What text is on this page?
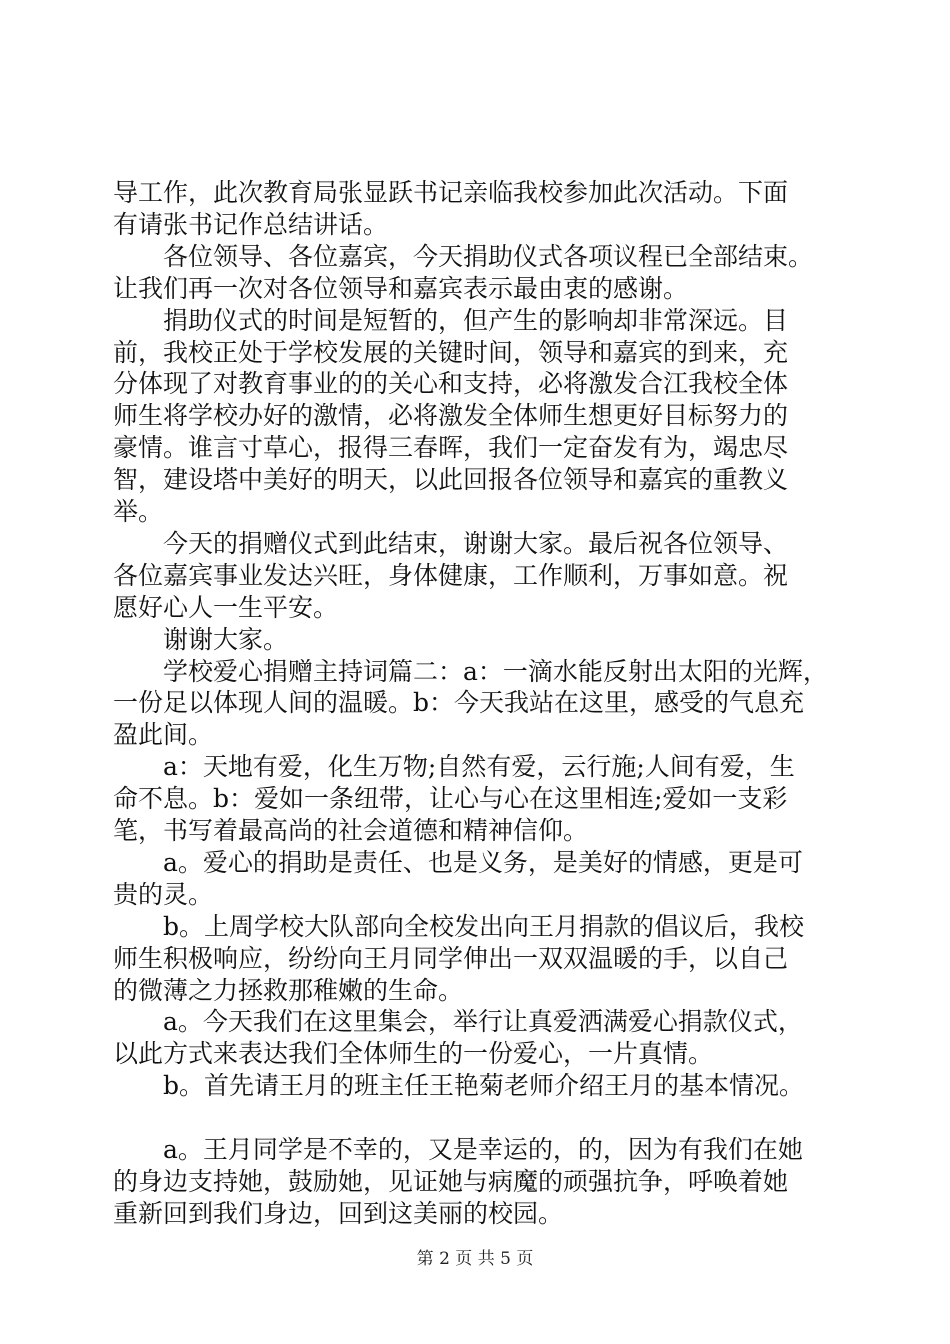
导工作，此次教育局张显跃书记亲临我校参加此次活动。下面
有请张书记作总结讲话。
　　各位领导、各位嘉宾，今天捐助仪式各项议程已全部结束。
让我们再一次对各位领导和嘉宾表示最由衷的感谢。
　　捐助仪式的时间是短暂的，但产生的影响却非常深远。目
前，我校正处于学校发展的关键时间，领导和嘉宾的到来，充
分体现了对教育事业的的关心和支持，必将激发合江我校全体
师生将学校办好的激情，必将激发全体师生想更好目标努力的
豪情。谁言寸草心，报得三春晖，我们一定奋发有为，竭忠尽
智，建设塔中美好的明天，以此回报各位领导和嘉宾的重教义
举。
　　今天的捐赠仪式到此结束，谢谢大家。最后祝各位领导、
各位嘉宾事业发达兴旺，身体健康，工作顺利，万事如意。祝
愿好心人一生平安。
　　谢谢大家。
　　学校爱心捐赠主持词篇二：a：一滴水能反射出太阳的光辉，
一份足以体现人间的温暖。b：今天我站在这里，感受的气息充
盈此间。
　　a：天地有爱，化生万物;自然有爱，云行施;人间有爱，生
命不息。b：爱如一条纽带，让心与心在这里相连;爱如一支彩
笔，书写着最高尚的社会道德和精神信仰。
　　a。爱心的捐助是责任、也是义务，是美好的情感，更是可
贵的灵。
　　b。上周学校大队部向全校发出向王月捐款的倡议后，我校
师生积极响应，纷纷向王月同学伸出一双双温暖的手，以自己
的微薄之力拯救那稚嫩的生命。
　　a。今天我们在这里集会，举行让真爱洒满爱心捐款仪式，
以此方式来表达我们全体师生的一份爱心，一片真情。
　　b。首先请王月的班主任王艳菊老师介绍王月的基本情况。
　　a。王月同学是不幸的，又是幸运的，的，因为有我们在她
的身边支持她，鼓励她，见证她与病魔的顽强抗争，呼唤着她
重新回到我们身边，回到这美丽的校园。
第 2 页 共 5 页
